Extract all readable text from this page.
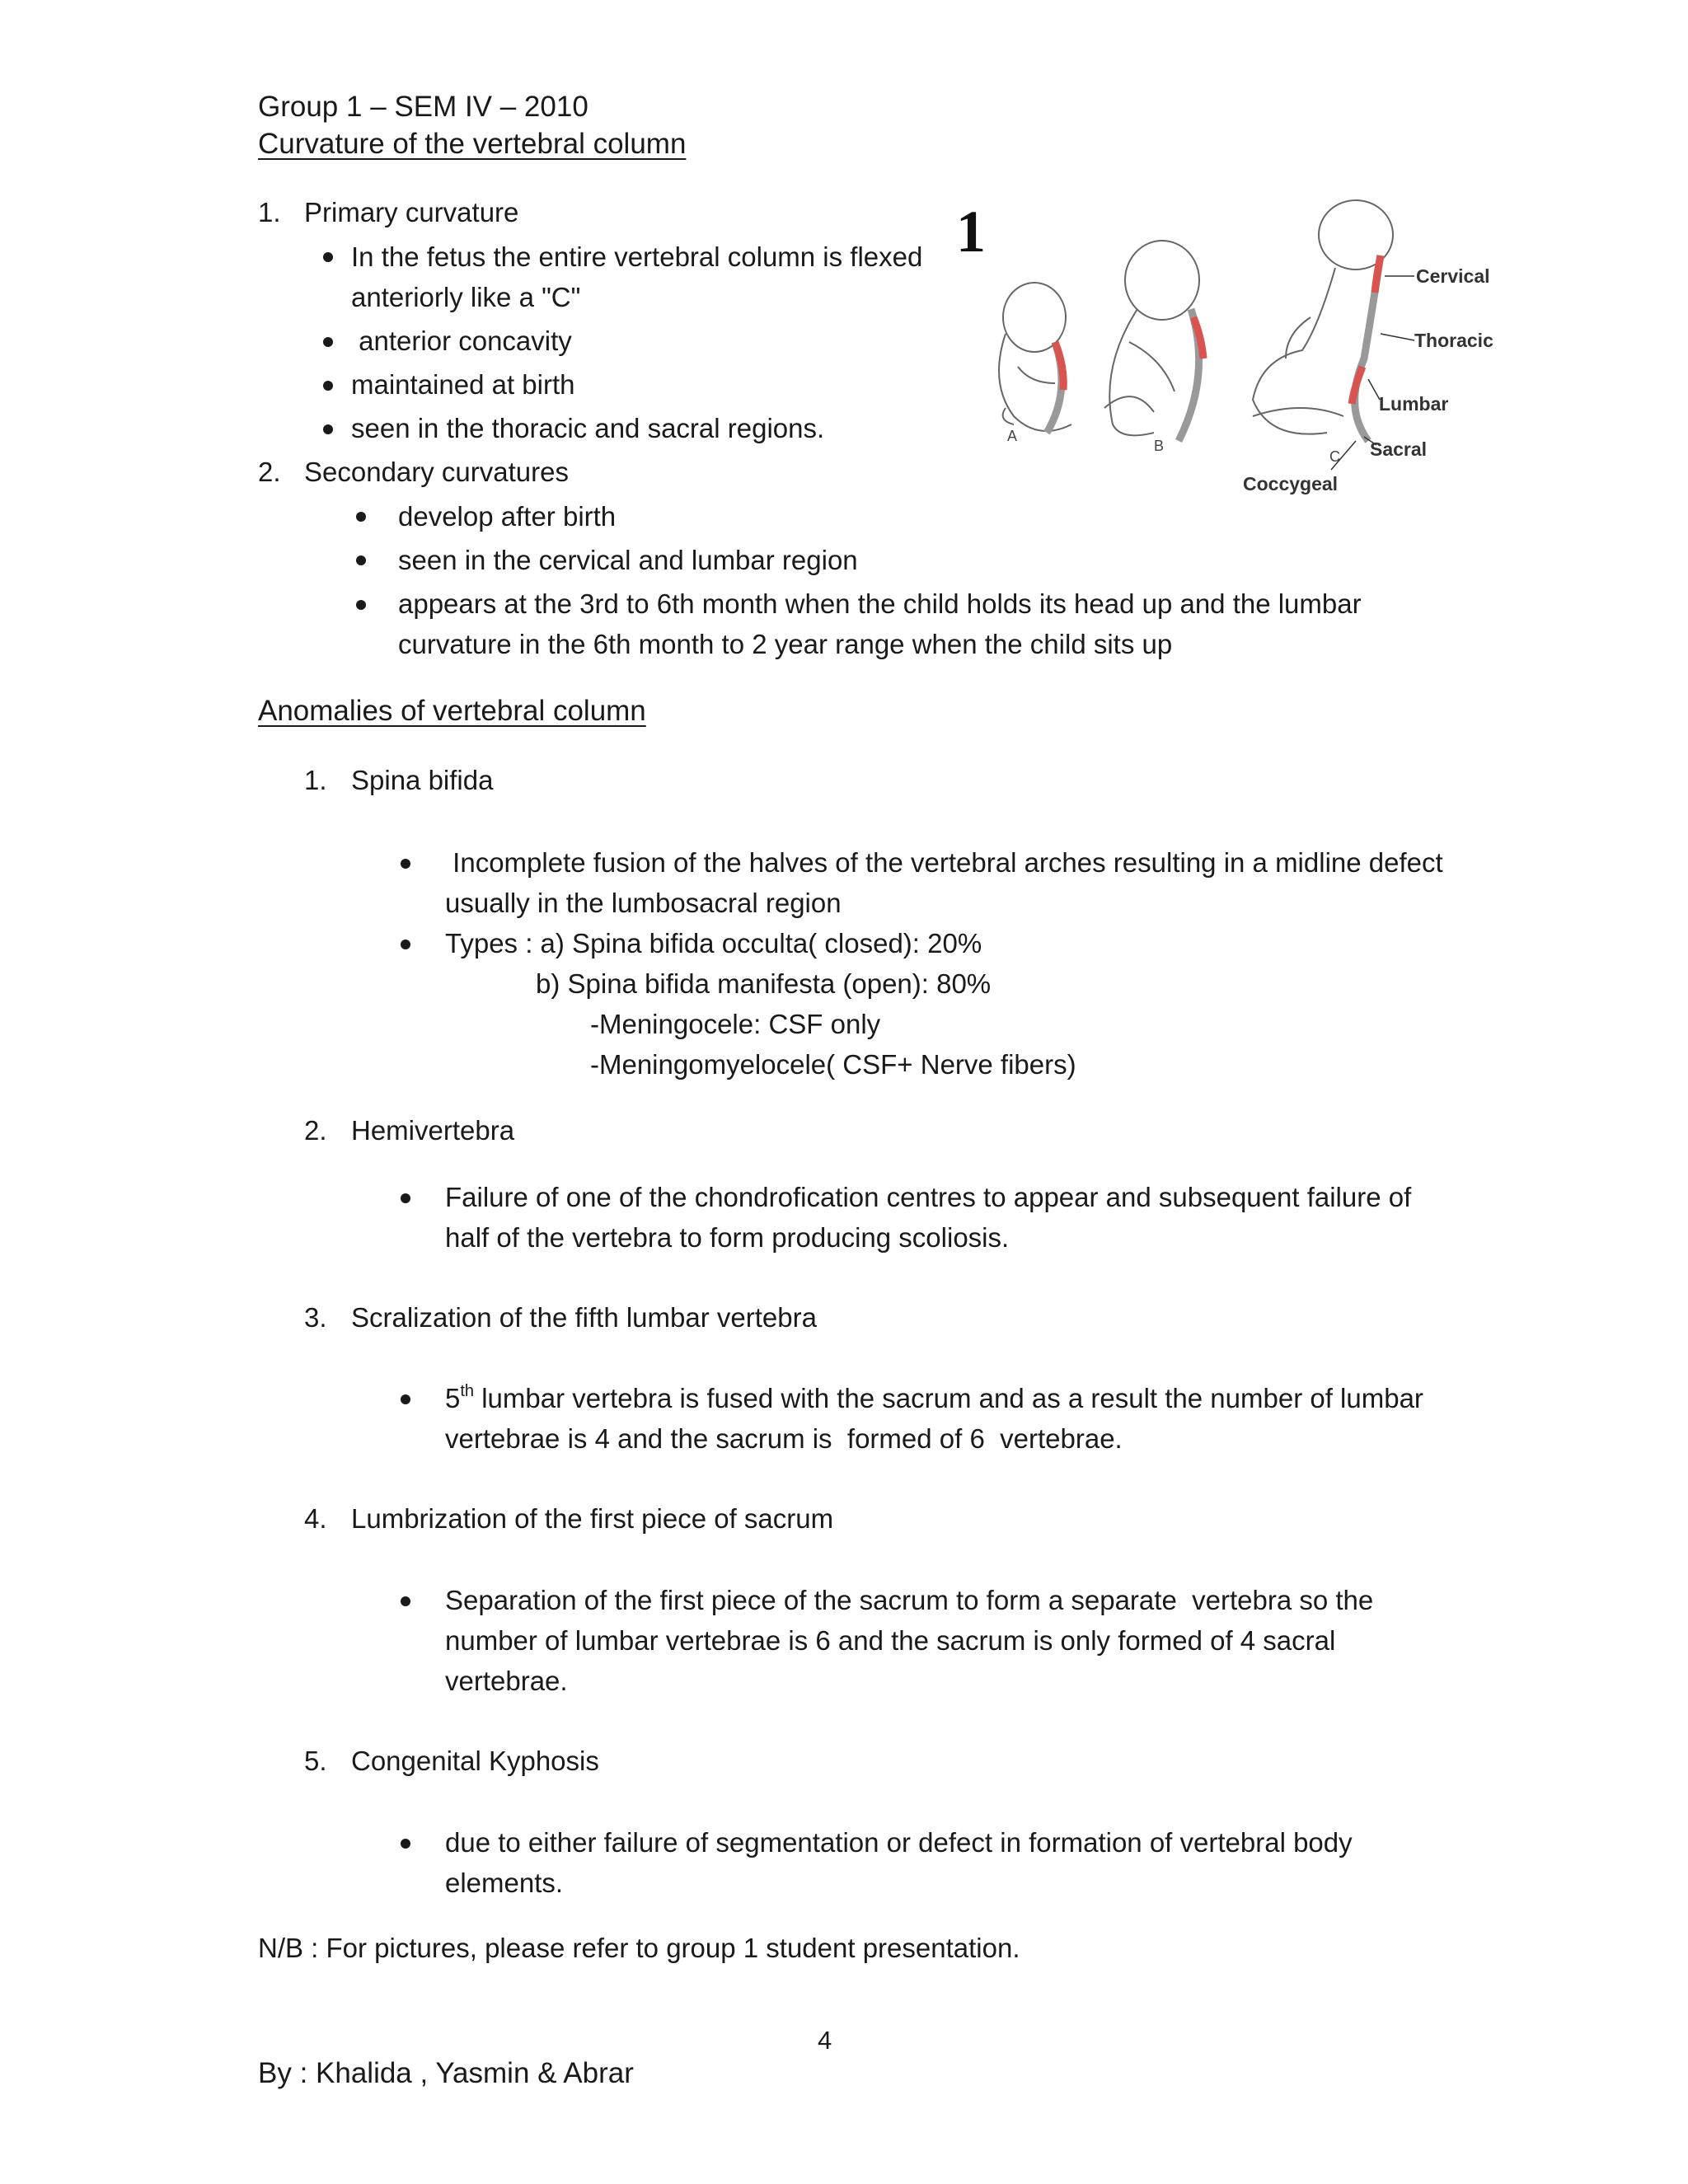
Group 1 – SEM IV – 2010
Curvature of the vertebral column
1. Primary curvature
In the fetus the entire vertebral column is flexed
anteriorly like a "C"
anterior concavity
maintained at birth
seen in the thoracic and sacral regions.
2. Secondary curvatures
develop after birth
seen in the cervical and lumbar region
appears at the 3rd to 6th month when the child holds its head up and the lumbar
curvature in the 6th month to 2 year range when the child sits up
1
A
B
C
Cervical
Thoracic
Lumbar
Sacral
Coccygeal
Anomalies of vertebral column
1. Spina bifida
Incomplete fusion of the halves of the vertebral arches resulting in a midline defect
usually in the lumbosacral region
Types : a) Spina bifida occulta( closed): 20%
b) Spina bifida manifesta (open): 80%
-Meningocele: CSF only
-Meningomyelocele( CSF+ Nerve fibers)
2. Hemivertebra
Failure of one of the chondrofication centres to appear and subsequent failure of
half of the vertebra to form producing scoliosis.
3. Scralization of the fifth lumbar vertebra
5th lumbar vertebra is fused with the sacrum and as a result the number of lumbar
vertebrae is 4 and the sacrum is  formed of 6  vertebrae.
4. Lumbrization of the first piece of sacrum
Separation of the first piece of the sacrum to form a separate  vertebra so the
number of lumbar vertebrae is 6 and the sacrum is only formed of 4 sacral
vertebrae.
5. Congenital Kyphosis
due to either failure of segmentation or defect in formation of vertebral body
elements.
N/B : For pictures, please refer to group 1 student presentation.
4
By : Khalida , Yasmin & Abrar
